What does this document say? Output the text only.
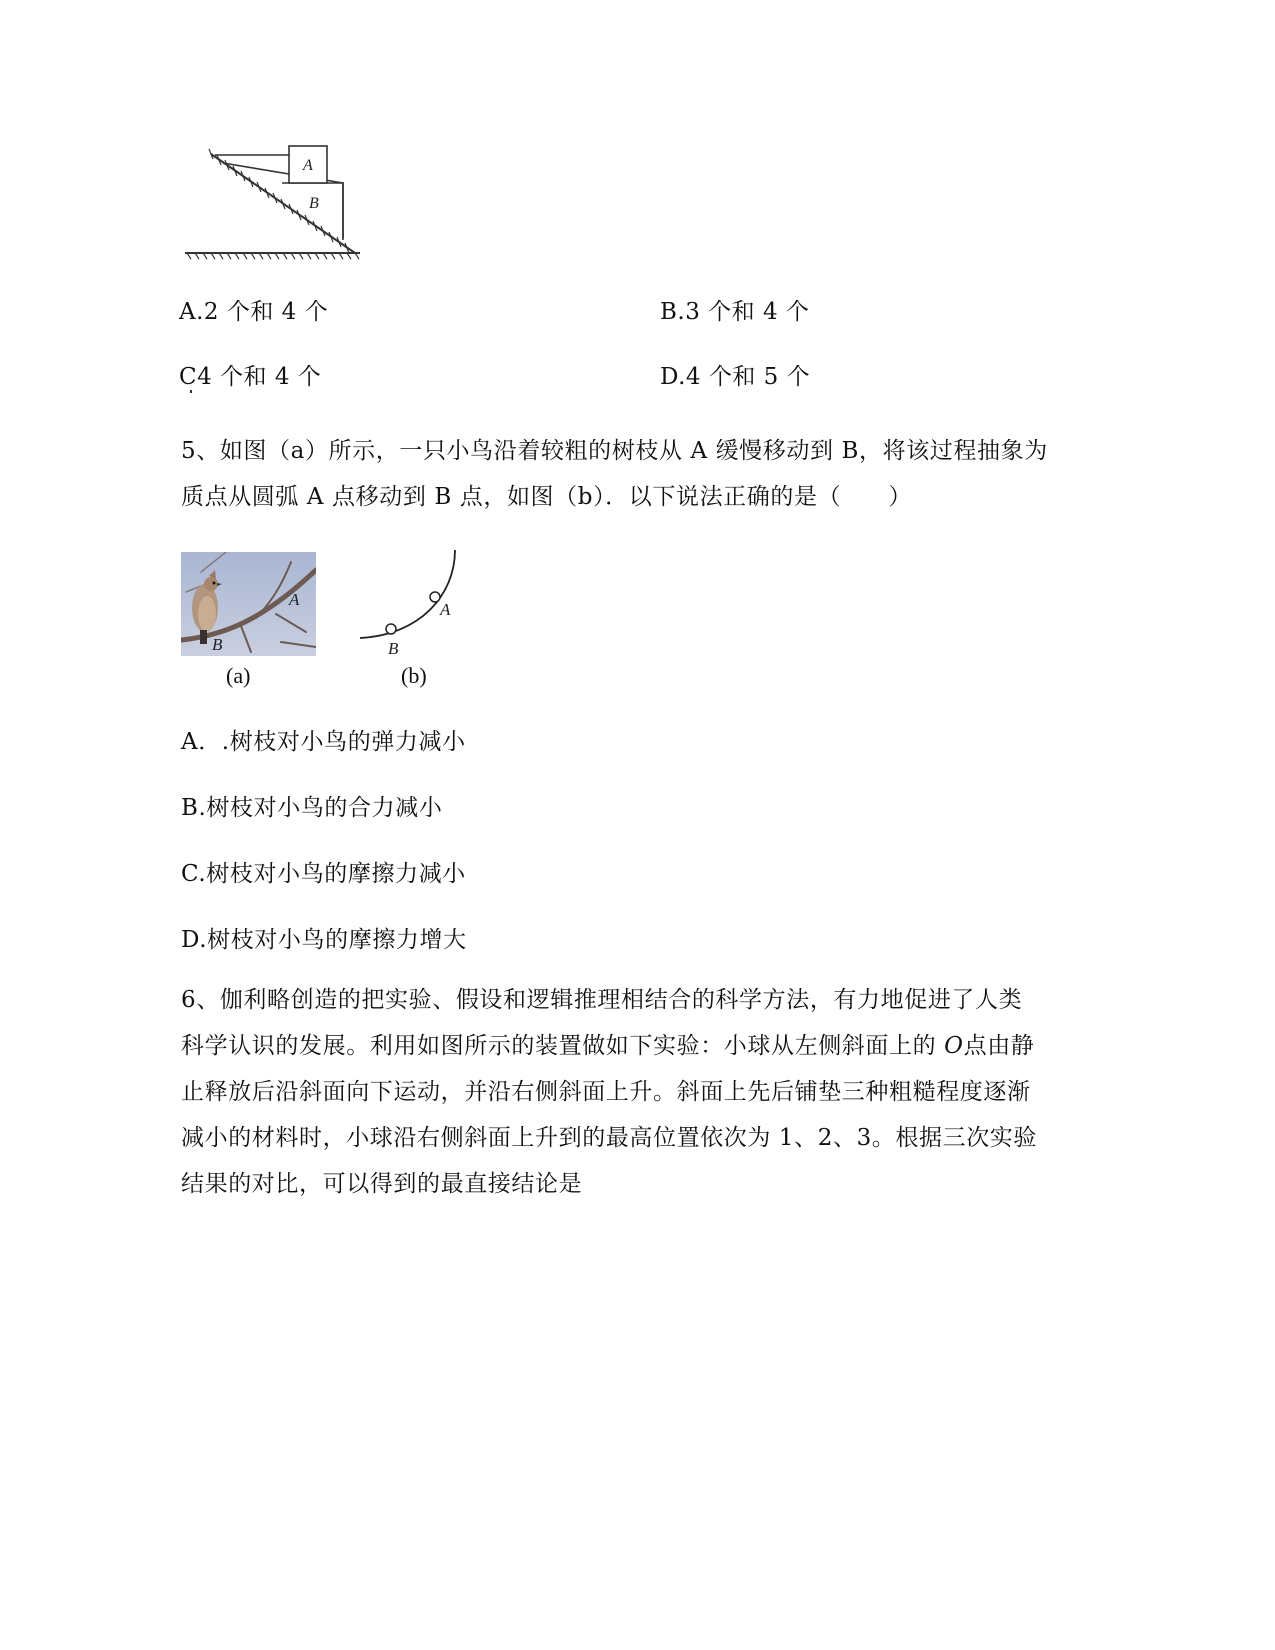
A
B
A.2 个和 4 个	B.3 个和 4 个
C4 个和 4 个	D.4 个和 5 个
5、如图（a）所示，一只小鸟沿着较粗的树枝从 A 缓慢移动到 B，将该过程抽象为
质点从圆弧 A 点移动到 B 点，如图（b）．以下说法正确的是（　　）
A
B
(a)
A
B
(b)
A．.树枝对小鸟的弹力减小
B.树枝对小鸟的合力减小
C.树枝对小鸟的摩擦力减小
D.树枝对小鸟的摩擦力增大
6、伽利略创造的把实验、假设和逻辑推理相结合的科学方法，有力地促进了人类
科学认识的发展。利用如图所示的装置做如下实验：小球从左侧斜面上的 O点由静
止释放后沿斜面向下运动，并沿右侧斜面上升。斜面上先后铺垫三种粗糙程度逐渐
减小的材料时，小球沿右侧斜面上升到的最高位置依次为 1、2、3。根据三次实验
结果的对比，可以得到的最直接结论是
